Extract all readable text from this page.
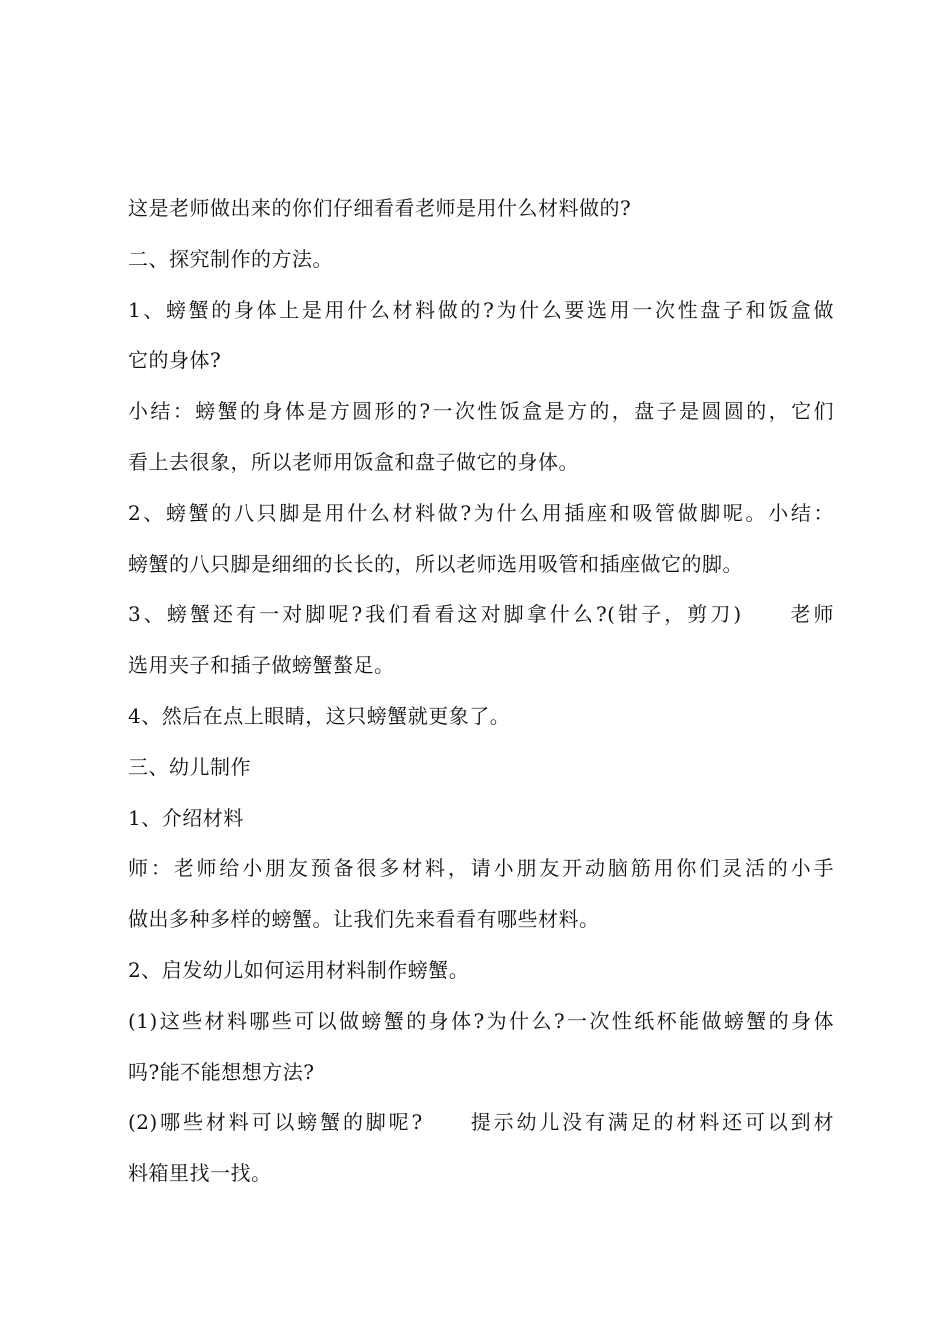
这是老师做出来的你们仔细看看老师是用什么材料做的?
二、探究制作的方法。
1、螃蟹的身体上是用什么材料做的?为什么要选用一次性盘子和饭盒做
它的身体?
小结：螃蟹的身体是方圆形的?一次性饭盒是方的，盘子是圆圆的，它们
看上去很象，所以老师用饭盒和盘子做它的身体。
2、螃蟹的八只脚是用什么材料做?为什么用插座和吸管做脚呢。小结：
螃蟹的八只脚是细细的长长的，所以老师选用吸管和插座做它的脚。
3、螃蟹还有一对脚呢?我们看看这对脚拿什么?(钳子，剪刀)　　老师
选用夹子和插子做螃蟹螯足。
4、然后在点上眼睛，这只螃蟹就更象了。
三、幼儿制作
1、介绍材料
师：老师给小朋友预备很多材料，请小朋友开动脑筋用你们灵活的小手
做出多种多样的螃蟹。让我们先来看看有哪些材料。
2、启发幼儿如何运用材料制作螃蟹。
(1)这些材料哪些可以做螃蟹的身体?为什么?一次性纸杯能做螃蟹的身体
吗?能不能想想方法?
(2)哪些材料可以螃蟹的脚呢?　　提示幼儿没有满足的材料还可以到材
料箱里找一找。
